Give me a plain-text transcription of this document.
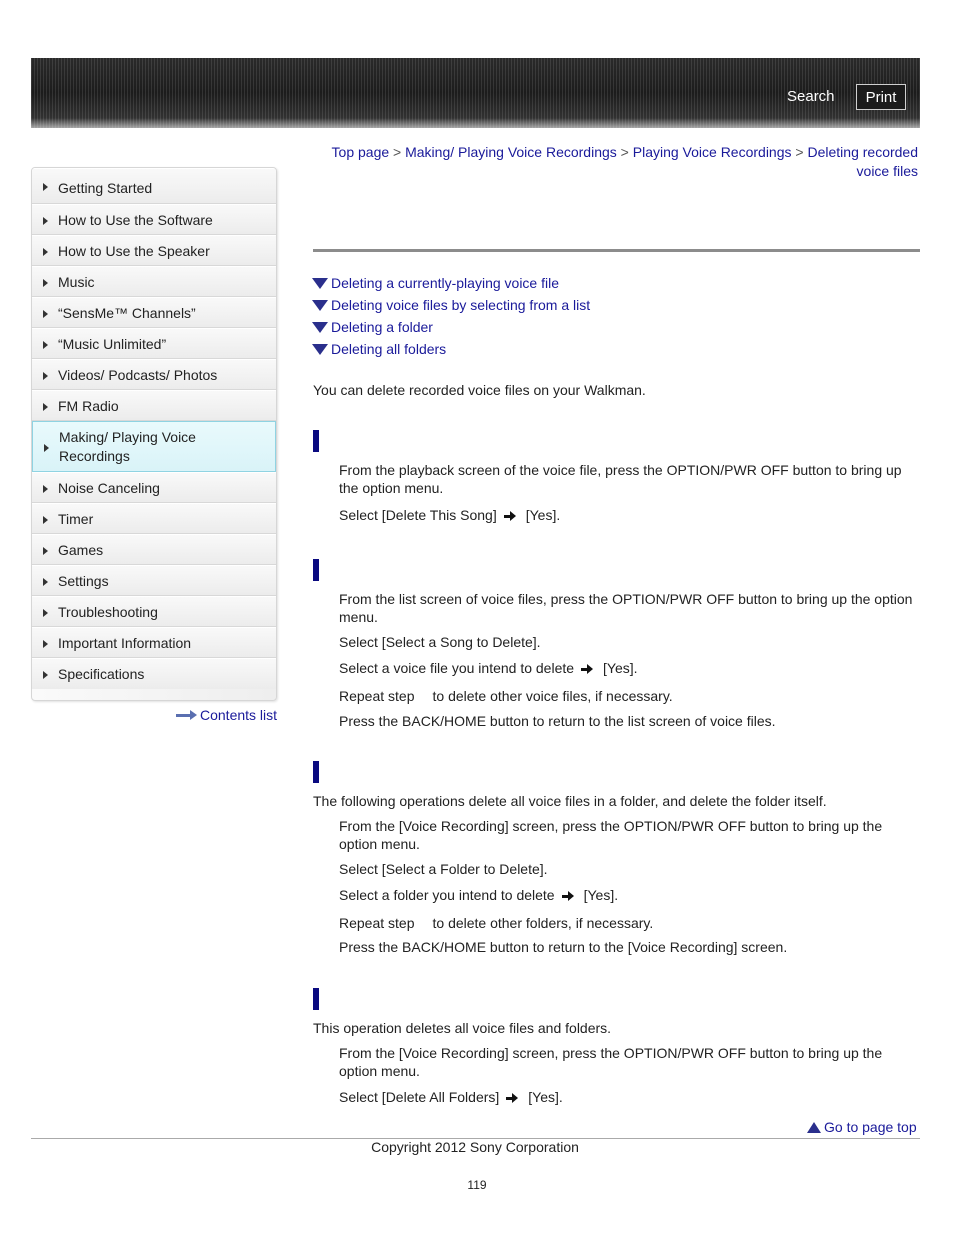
Search	Print
Getting Started
How to Use the Software
How to Use the Speaker
Music
“SensMe™ Channels”
“Music Unlimited”
Videos/ Podcasts/ Photos
FM Radio
Making/ Playing Voice Recordings
Noise Canceling
Timer
Games
Settings
Troubleshooting
Important Information
Specifications
Contents list
Top page > Making/ Playing Voice Recordings > Playing Voice Recordings > Deleting recorded voice files
Deleting a currently-playing voice file
Deleting voice files by selecting from a list
Deleting a folder
Deleting all folders
You can delete recorded voice files on your Walkman.
From the playback screen of the voice file, press the OPTION/PWR OFF button to bring up the option menu.
Select [Delete This Song] [Yes].
From the list screen of voice files, press the OPTION/PWR OFF button to bring up the option menu.
Select [Select a Song to Delete].
Select a voice file you intend to delete [Yes].
Repeat step to delete other voice files, if necessary.
Press the BACK/HOME button to return to the list screen of voice files.
The following operations delete all voice files in a folder, and delete the folder itself.
From the [Voice Recording] screen, press the OPTION/PWR OFF button to bring up the option menu.
Select [Select a Folder to Delete].
Select a folder you intend to delete [Yes].
Repeat step to delete other folders, if necessary.
Press the BACK/HOME button to return to the [Voice Recording] screen.
This operation deletes all voice files and folders.
From the [Voice Recording] screen, press the OPTION/PWR OFF button to bring up the option menu.
Select [Delete All Folders] [Yes].
Go to page top
Copyright 2012 Sony Corporation
119
